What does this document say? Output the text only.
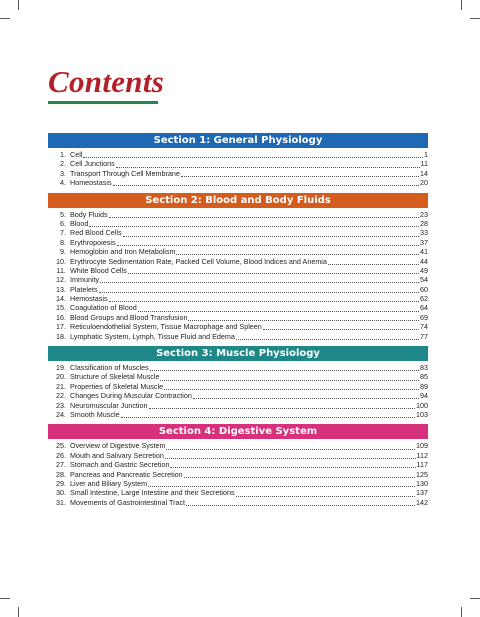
Contents
Section 1: General Physiology
1. Cell	1
2. Cell Junctions	11
3. Transport Through Cell Membrane	14
4. Homeostasis	20
Section 2: Blood and Body Fluids
5. Body Fluids	23
6. Blood	28
7. Red Blood Cells	33
8. Erythropoiesis	37
9. Hemoglobin and Iron Metabolism	41
10. Erythrocyte Sedimentation Rate, Packed Cell Volume, Blood Indices and Anemia	44
11. White Blood Cells	49
12. Immunity	54
13. Platelets	60
14. Hemostasis	62
15. Coagulation of Blood	64
16. Blood Groups and Blood Transfusion	69
17. Reticuloendothelial System, Tissue Macrophage and Spleen	74
18. Lymphatic System, Lymph, Tissue Fluid and Edema	77
Section 3: Muscle Physiology
19. Classification of Muscles	83
20. Structure of Skeletal Muscle	85
21. Properties of Skeletal Muscle	89
22. Changes During Muscular Contraction	94
23. Neuromuscular Junction	100
24. Smooth Muscle	103
Section 4: Digestive System
25. Overview of Digestive System	109
26. Mouth and Salivary Secretion	112
27. Stomach and Gastric Secretion	117
28. Pancreas and Pancreatic Secretion	125
29. Liver and Biliary System	130
30. Small Intestine, Large Intestine and their Secretions	137
31. Movements of Gastrointestinal Tract	142
